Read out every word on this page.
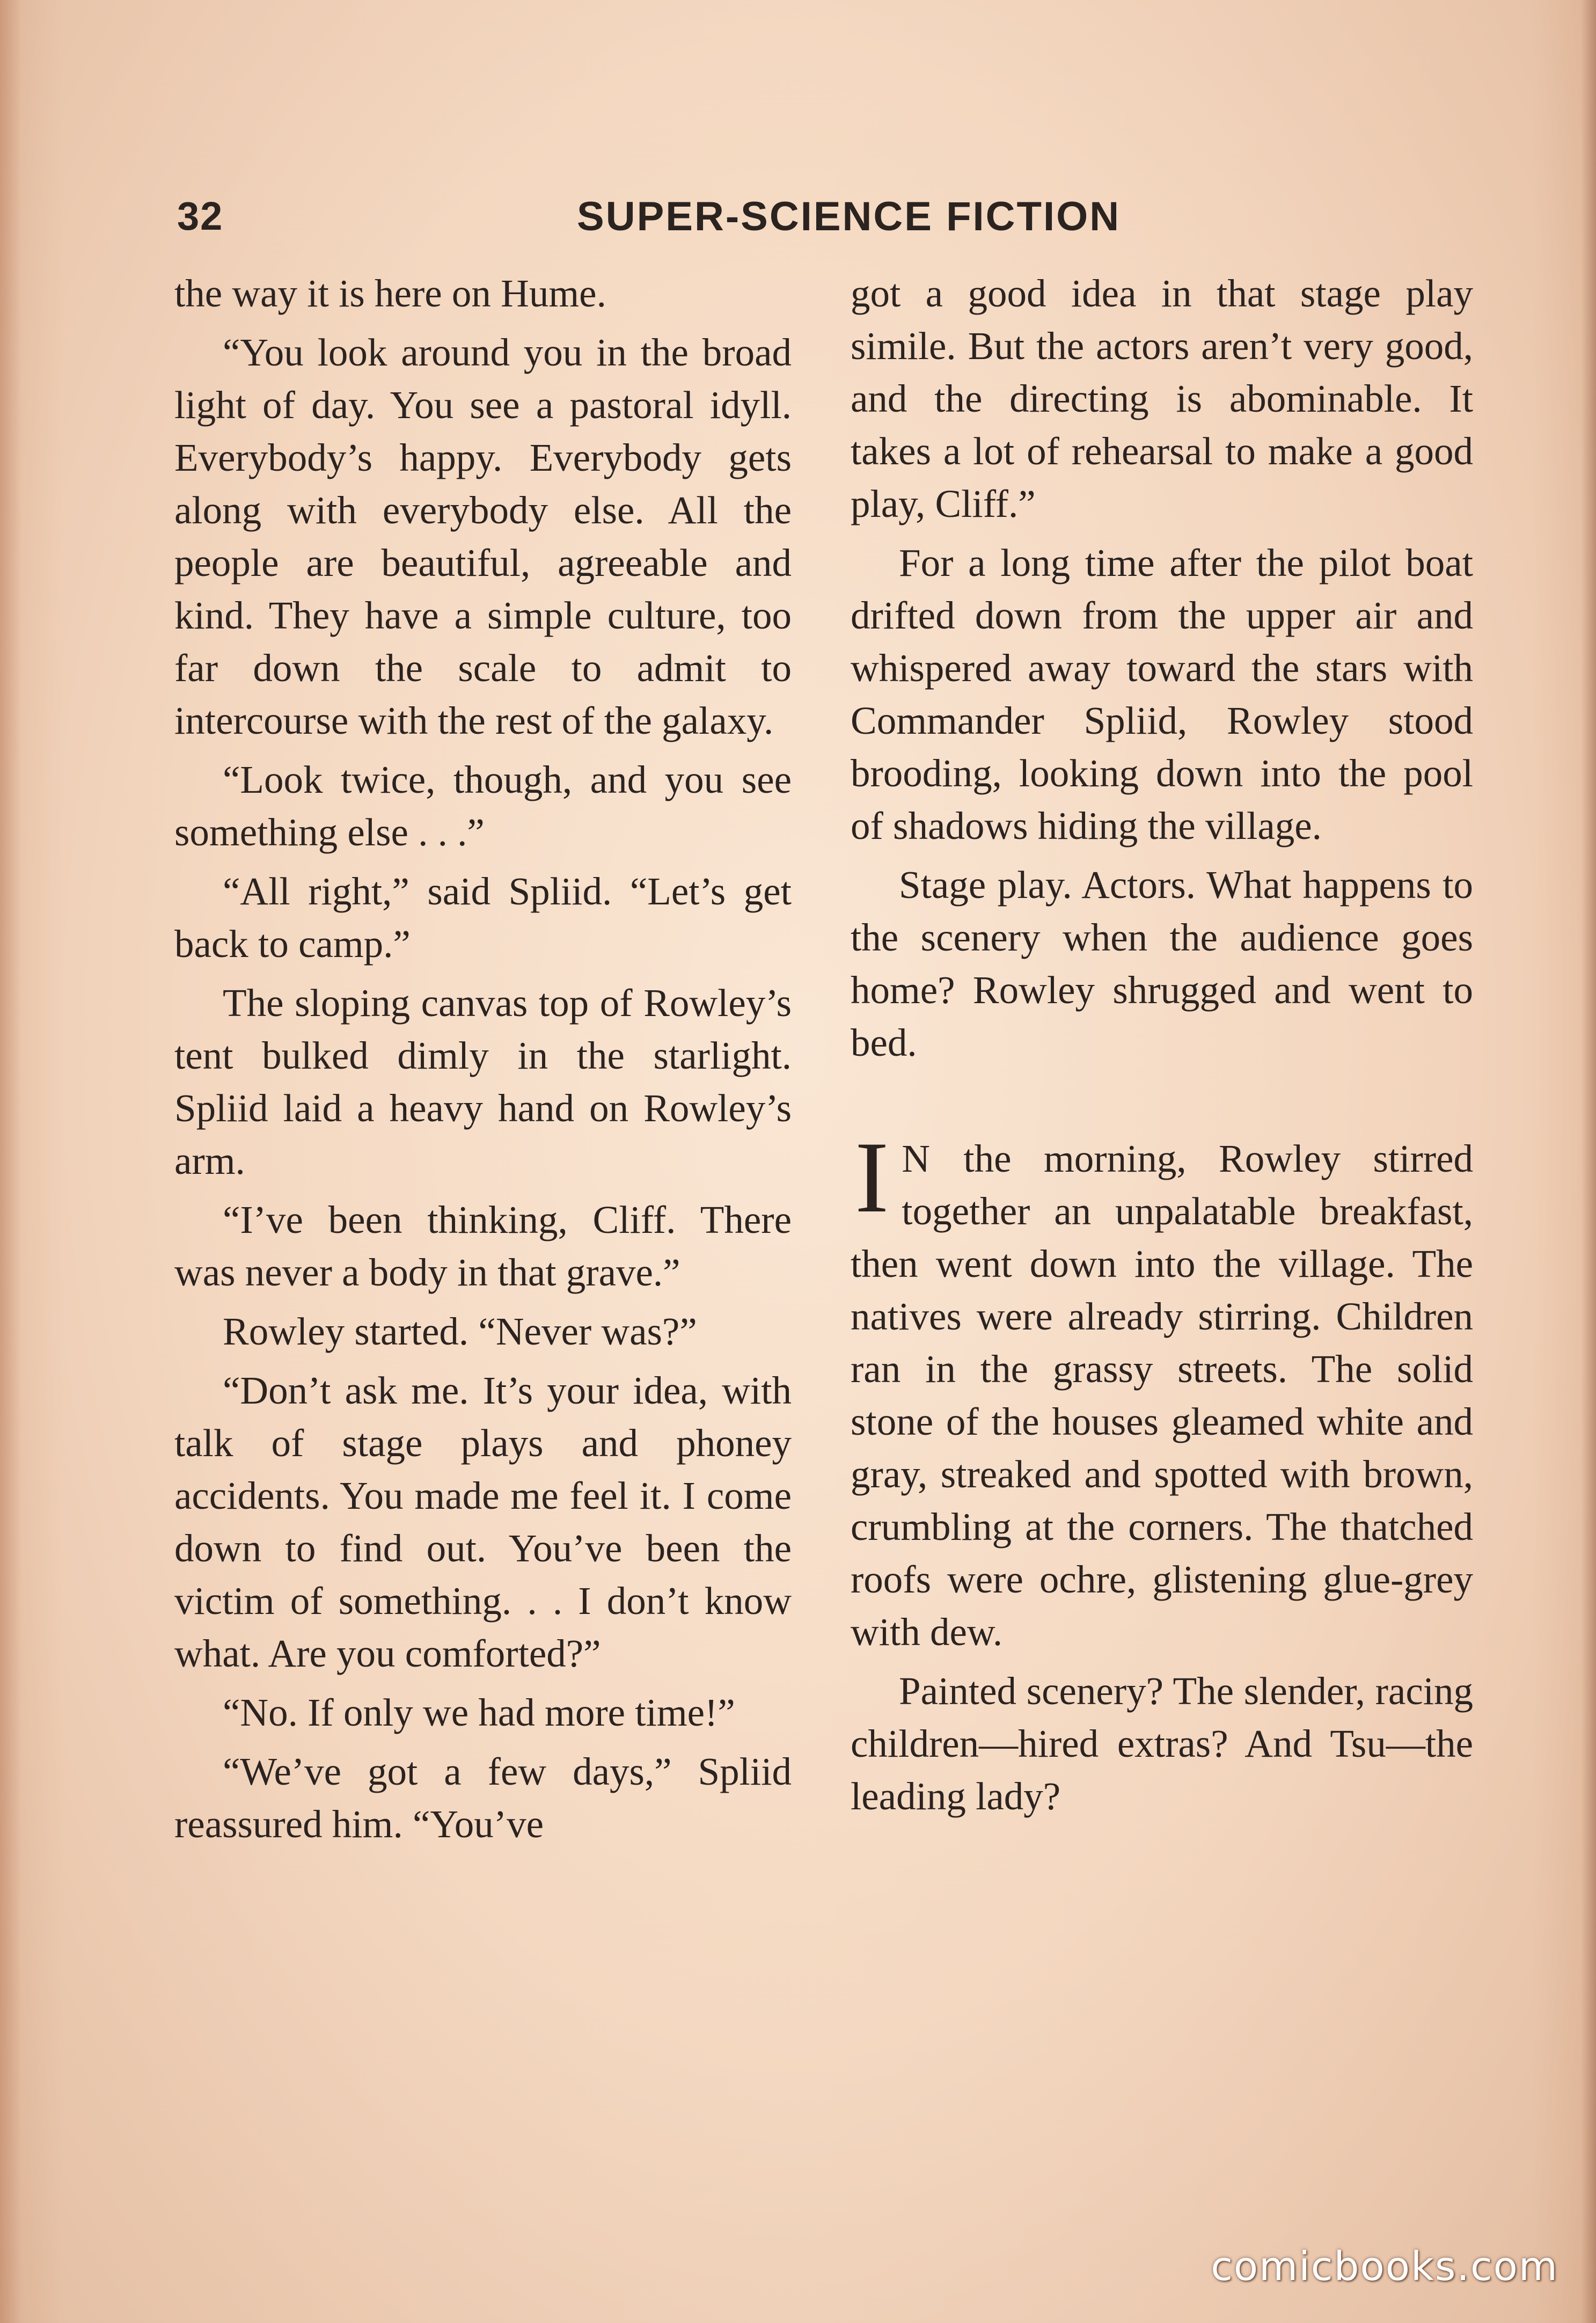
32	SUPER-SCIENCE FICTION

the way it is here on Hume.

“You look around you in the broad light of day. You see a pastoral idyll. Everybody’s happy. Everybody gets along with everybody else. All the people are beautiful, agreeable and kind. They have a simple culture, too far down the scale to admit to intercourse with the rest of the galaxy.

“Look twice, though, and you see something else . . .”

“All right,” said Spliid. “Let’s get back to camp.”

The sloping canvas top of Rowley’s tent bulked dimly in the starlight. Spliid laid a heavy hand on Rowley’s arm.

“I’ve been thinking, Cliff. There was never a body in that grave.”

Rowley started. “Never was?”

“Don’t ask me. It’s your idea, with talk of stage plays and phoney accidents. You made me feel it. I come down to find out. You’ve been the victim of something. . . I don’t know what. Are you comforted?”

“No. If only we had more time!”

“We’ve got a few days,” Spliid reassured him. “You’ve

got a good idea in that stage play simile. But the actors aren’t very good, and the directing is abominable. It takes a lot of rehearsal to make a good play, Cliff.”

For a long time after the pilot boat drifted down from the upper air and whispered away toward the stars with Commander Spliid, Rowley stood brooding, looking down into the pool of shadows hiding the village.

Stage play. Actors. What happens to the scenery when the audience goes home? Rowley shrugged and went to bed.

I N the morning, Rowley stirred together an unpalatable breakfast, then went down into the village. The natives were already stirring. Children ran in the grassy streets. The solid stone of the houses gleamed white and gray, streaked and spotted with brown, crumbling at the corners. The thatched roofs were ochre, glistening glue-grey with dew.

Painted scenery? The slender, racing children—hired extras? And Tsu—the leading lady?

comicbooks.com
